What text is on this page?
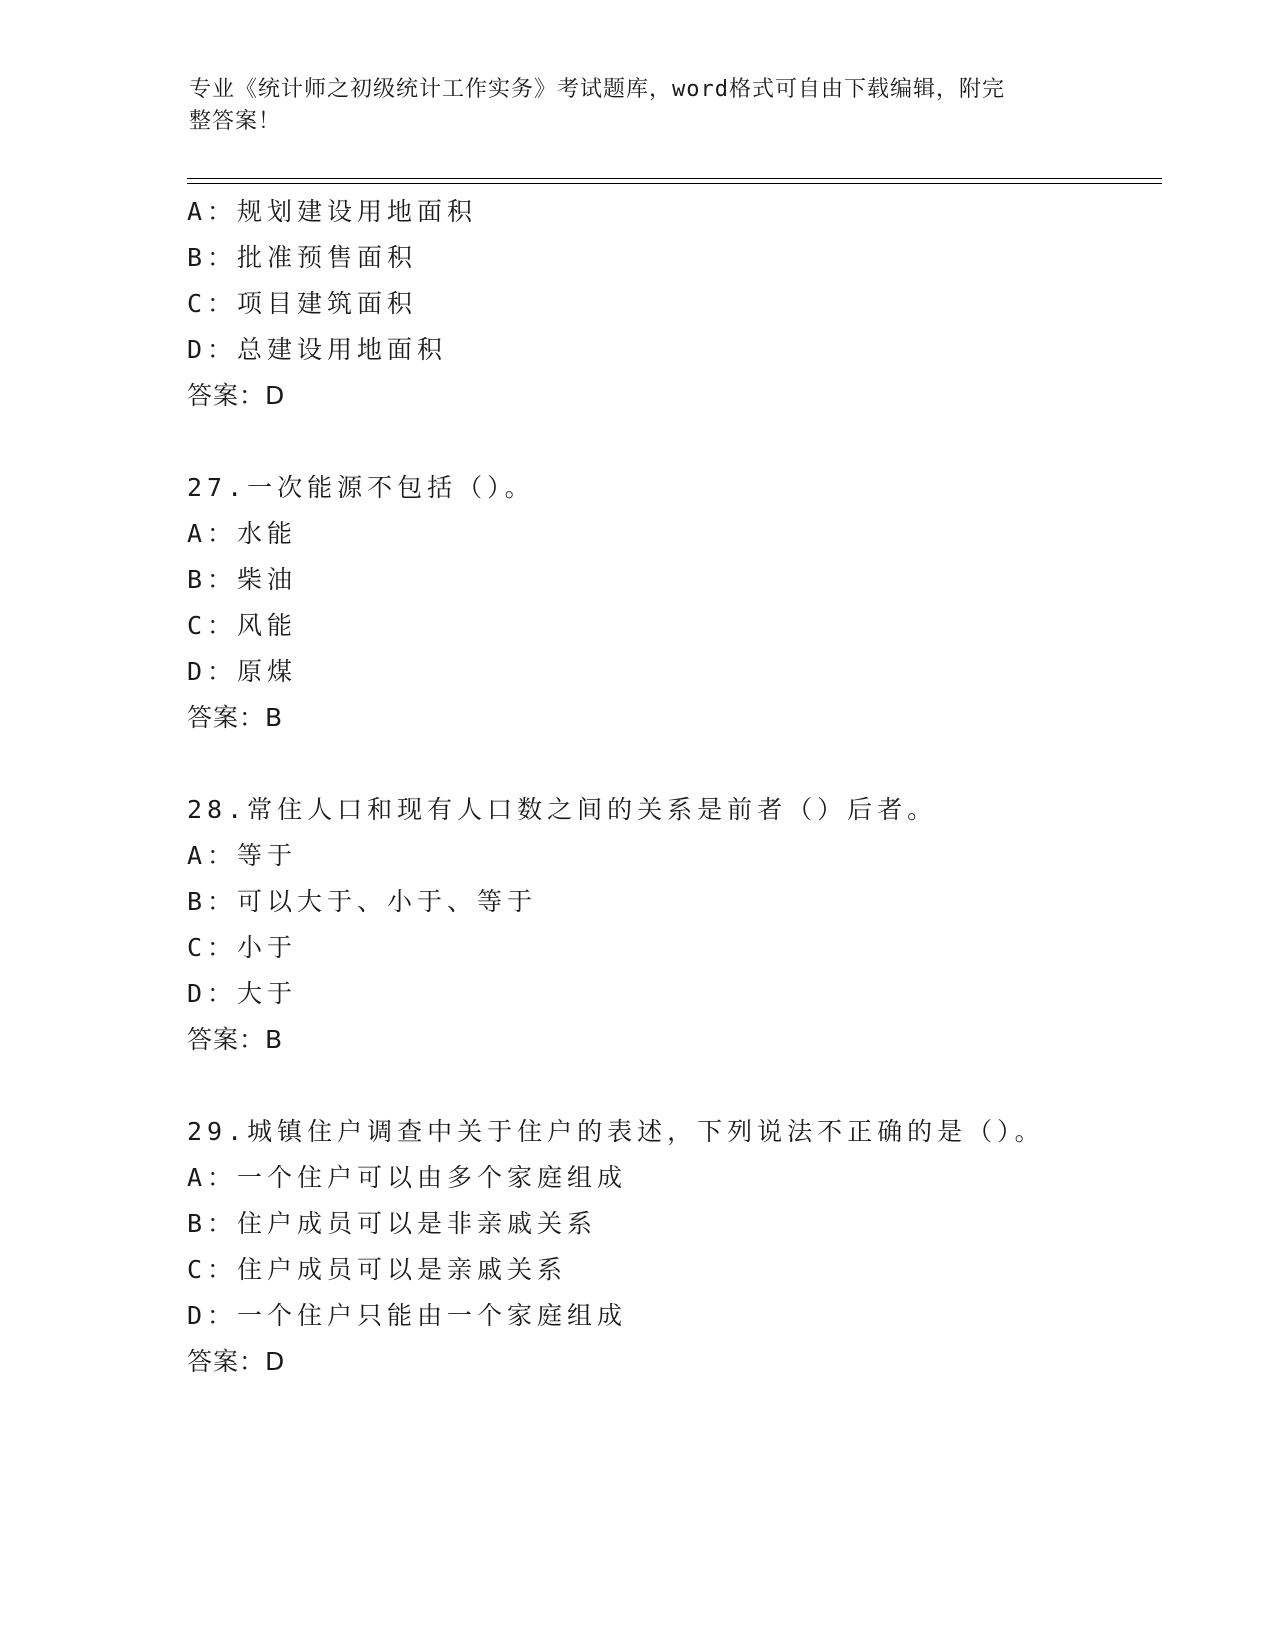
专业《统计师之初级统计工作实务》考试题库，word格式可自由下载编辑，附完
整答案！
A：规划建设用地面积
B：批准预售面积
C：项目建筑面积
D：总建设用地面积
答案：D
27.一次能源不包括（）。
A：水能
B：柴油
C：风能
D：原煤
答案：B
28.常住人口和现有人口数之间的关系是前者（）后者。
A：等于
B：可以大于、小于、等于
C：小于
D：大于
答案：B
29.城镇住户调查中关于住户的表述，下列说法不正确的是（）。
A：一个住户可以由多个家庭组成
B：住户成员可以是非亲戚关系
C：住户成员可以是亲戚关系
D：一个住户只能由一个家庭组成
答案：D
